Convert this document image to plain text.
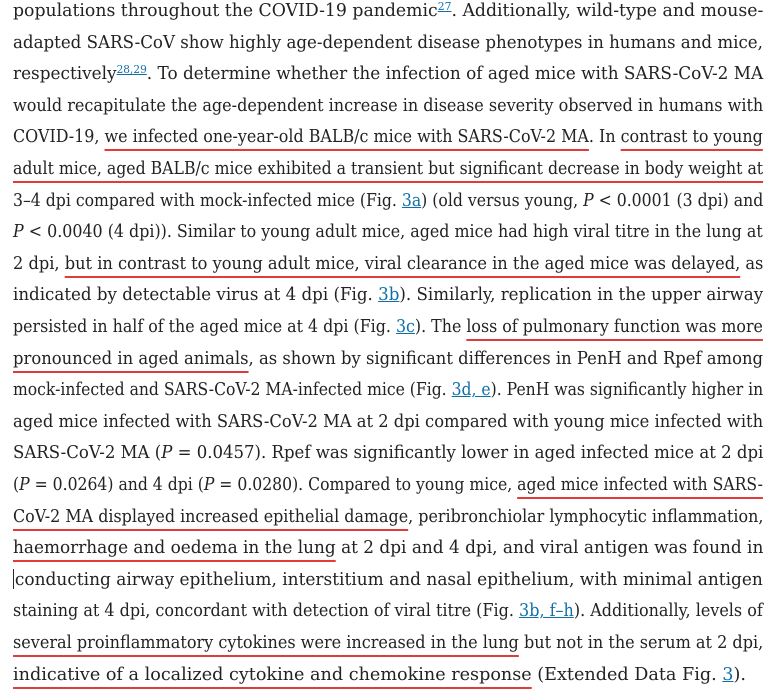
populations throughout the COVID-19 pandemic$^{27}$. Additionally, wild-type and mouse-
adapted SARS-CoV show highly age-dependent disease phenotypes in humans and mice,
respectively$^{28,29}$. To determine whether the infection of aged mice with SARS-CoV-2 MA
would recapitulate the age-dependent increase in disease severity observed in humans with
COVID-19, we infected one-year-old BALB/c mice with SARS-CoV-2 MA. In contrast to young
adult mice, aged BALB/c mice exhibited a transient but significant decrease in body weight at
3–4 dpi compared with mock-infected mice (Fig. 3a) (old versus young, P < 0.0001 (3 dpi) and
P < 0.0040 (4 dpi)). Similar to young adult mice, aged mice had high viral titre in the lung at
2 dpi, but in contrast to young adult mice, viral clearance in the aged mice was delayed, as
indicated by detectable virus at 4 dpi (Fig. 3b). Similarly, replication in the upper airway
persisted in half of the aged mice at 4 dpi (Fig. 3c). The loss of pulmonary function was more
pronounced in aged animals, as shown by significant differences in PenH and Rpef among
mock-infected and SARS-CoV-2 MA-infected mice (Fig. 3d, e). PenH was significantly higher in
aged mice infected with SARS-CoV-2 MA at 2 dpi compared with young mice infected with
SARS-CoV-2 MA (P = 0.0457). Rpef was significantly lower in aged infected mice at 2 dpi
(P = 0.0264) and 4 dpi (P = 0.0280). Compared to young mice, aged mice infected with SARS-
CoV-2 MA displayed increased epithelial damage, peribronchiolar lymphocytic inflammation,
haemorrhage and oedema in the lung at 2 dpi and 4 dpi, and viral antigen was found in
conducting airway epithelium, interstitium and nasal epithelium, with minimal antigen
staining at 4 dpi, concordant with detection of viral titre (Fig. 3b, f–h). Additionally, levels of
several proinflammatory cytokines were increased in the lung but not in the serum at 2 dpi,
indicative of a localized cytokine and chemokine response (Extended Data Fig. 3).
